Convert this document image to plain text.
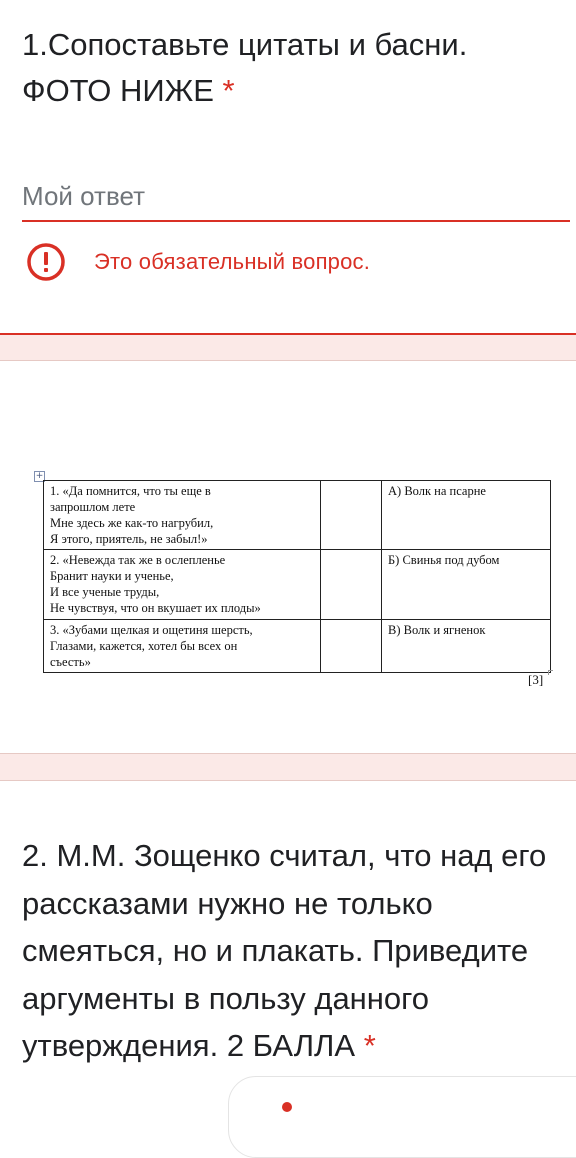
1.Сопоставьте цитаты и басни. ФОТО НИЖЕ *
Мой ответ
Это обязательный вопрос.
+
1. «Да помнится, что ты еще в
запрошлом лете
Мне здесь же как-то нагрубил,
Я этого, приятель, не забыл!»		А) Волк на псарне

2. «Невежда так же в ослепленье
Бранит науки и ученье,
И все ученые труды,
Не чувствуя, что он вкушает их плоды»		Б) Свинья под дубом

3. «Зубами щелкая и ощетиня шерсть,
Глазами, кажется, хотел бы всех он
съесть»		В) Волк и ягненок
[3]
2. М.М. Зощенко считал, что над его рассказами нужно не только смеяться, но и плакать. Приведите аргументы в пользу данного утверждения. 2 БАЛЛА *
